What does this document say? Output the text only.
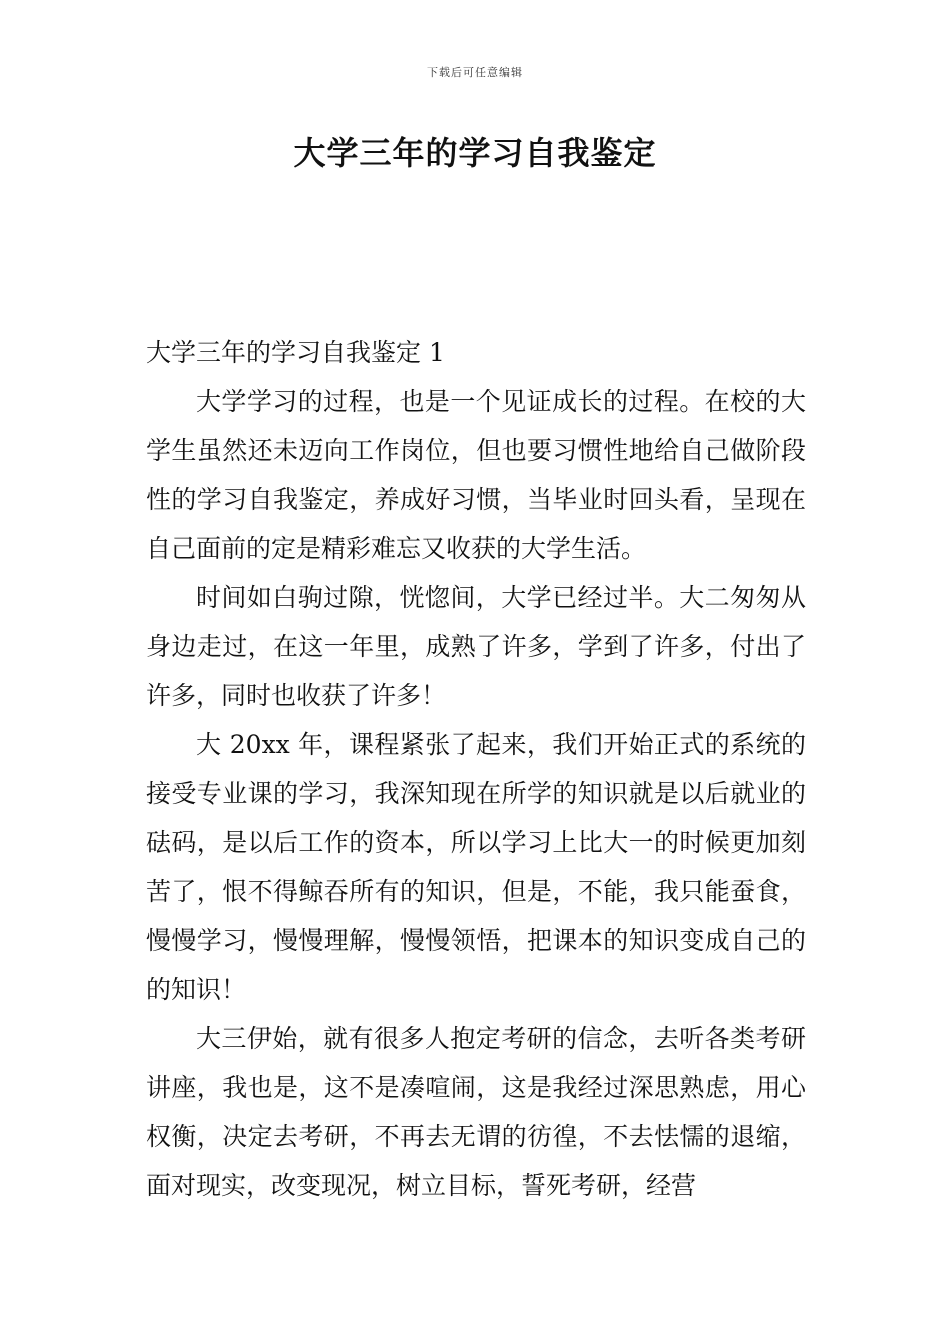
下载后可任意编辑
大学三年的学习自我鉴定

大学三年的学习自我鉴定 1

大学学习的过程，也是一个见证成长的过程。在校的大学生虽然还未迈向工作岗位，但也要习惯性地给自己做阶段性的学习自我鉴定，养成好习惯，当毕业时回头看，呈现在自己面前的定是精彩难忘又收获的大学生活。

时间如白驹过隙，恍惚间，大学已经过半。大二匆匆从身边走过，在这一年里，成熟了许多，学到了许多，付出了许多，同时也收获了许多！

大 20xx 年，课程紧张了起来，我们开始正式的系统的接受专业课的学习，我深知现在所学的知识就是以后就业的砝码，是以后工作的资本，所以学习上比大一的时候更加刻苦了，恨不得鲸吞所有的知识，但是，不能，我只能蚕食，慢慢学习，慢慢理解，慢慢领悟，把课本的知识变成自己的的知识！

大三伊始，就有很多人抱定考研的信念，去听各类考研讲座，我也是，这不是凑喧闹，这是我经过深思熟虑，用心权衡，决定去考研，不再去无谓的彷徨，不去怯懦的退缩，面对现实，改变现况，树立目标，誓死考研，经营
